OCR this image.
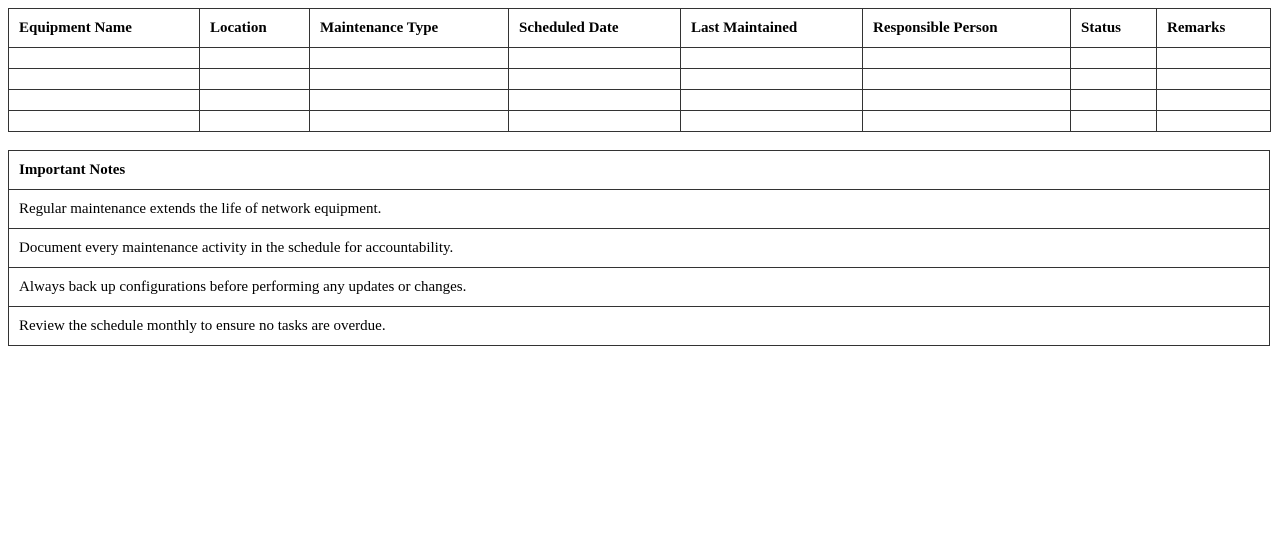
Equipment Name	Location	Maintenance Type	Scheduled Date	Last Maintained	Responsible Person	Status	Remarks

Important Notes
Regular maintenance extends the life of network equipment.
Document every maintenance activity in the schedule for accountability.
Always back up configurations before performing any updates or changes.
Review the schedule monthly to ensure no tasks are overdue.
